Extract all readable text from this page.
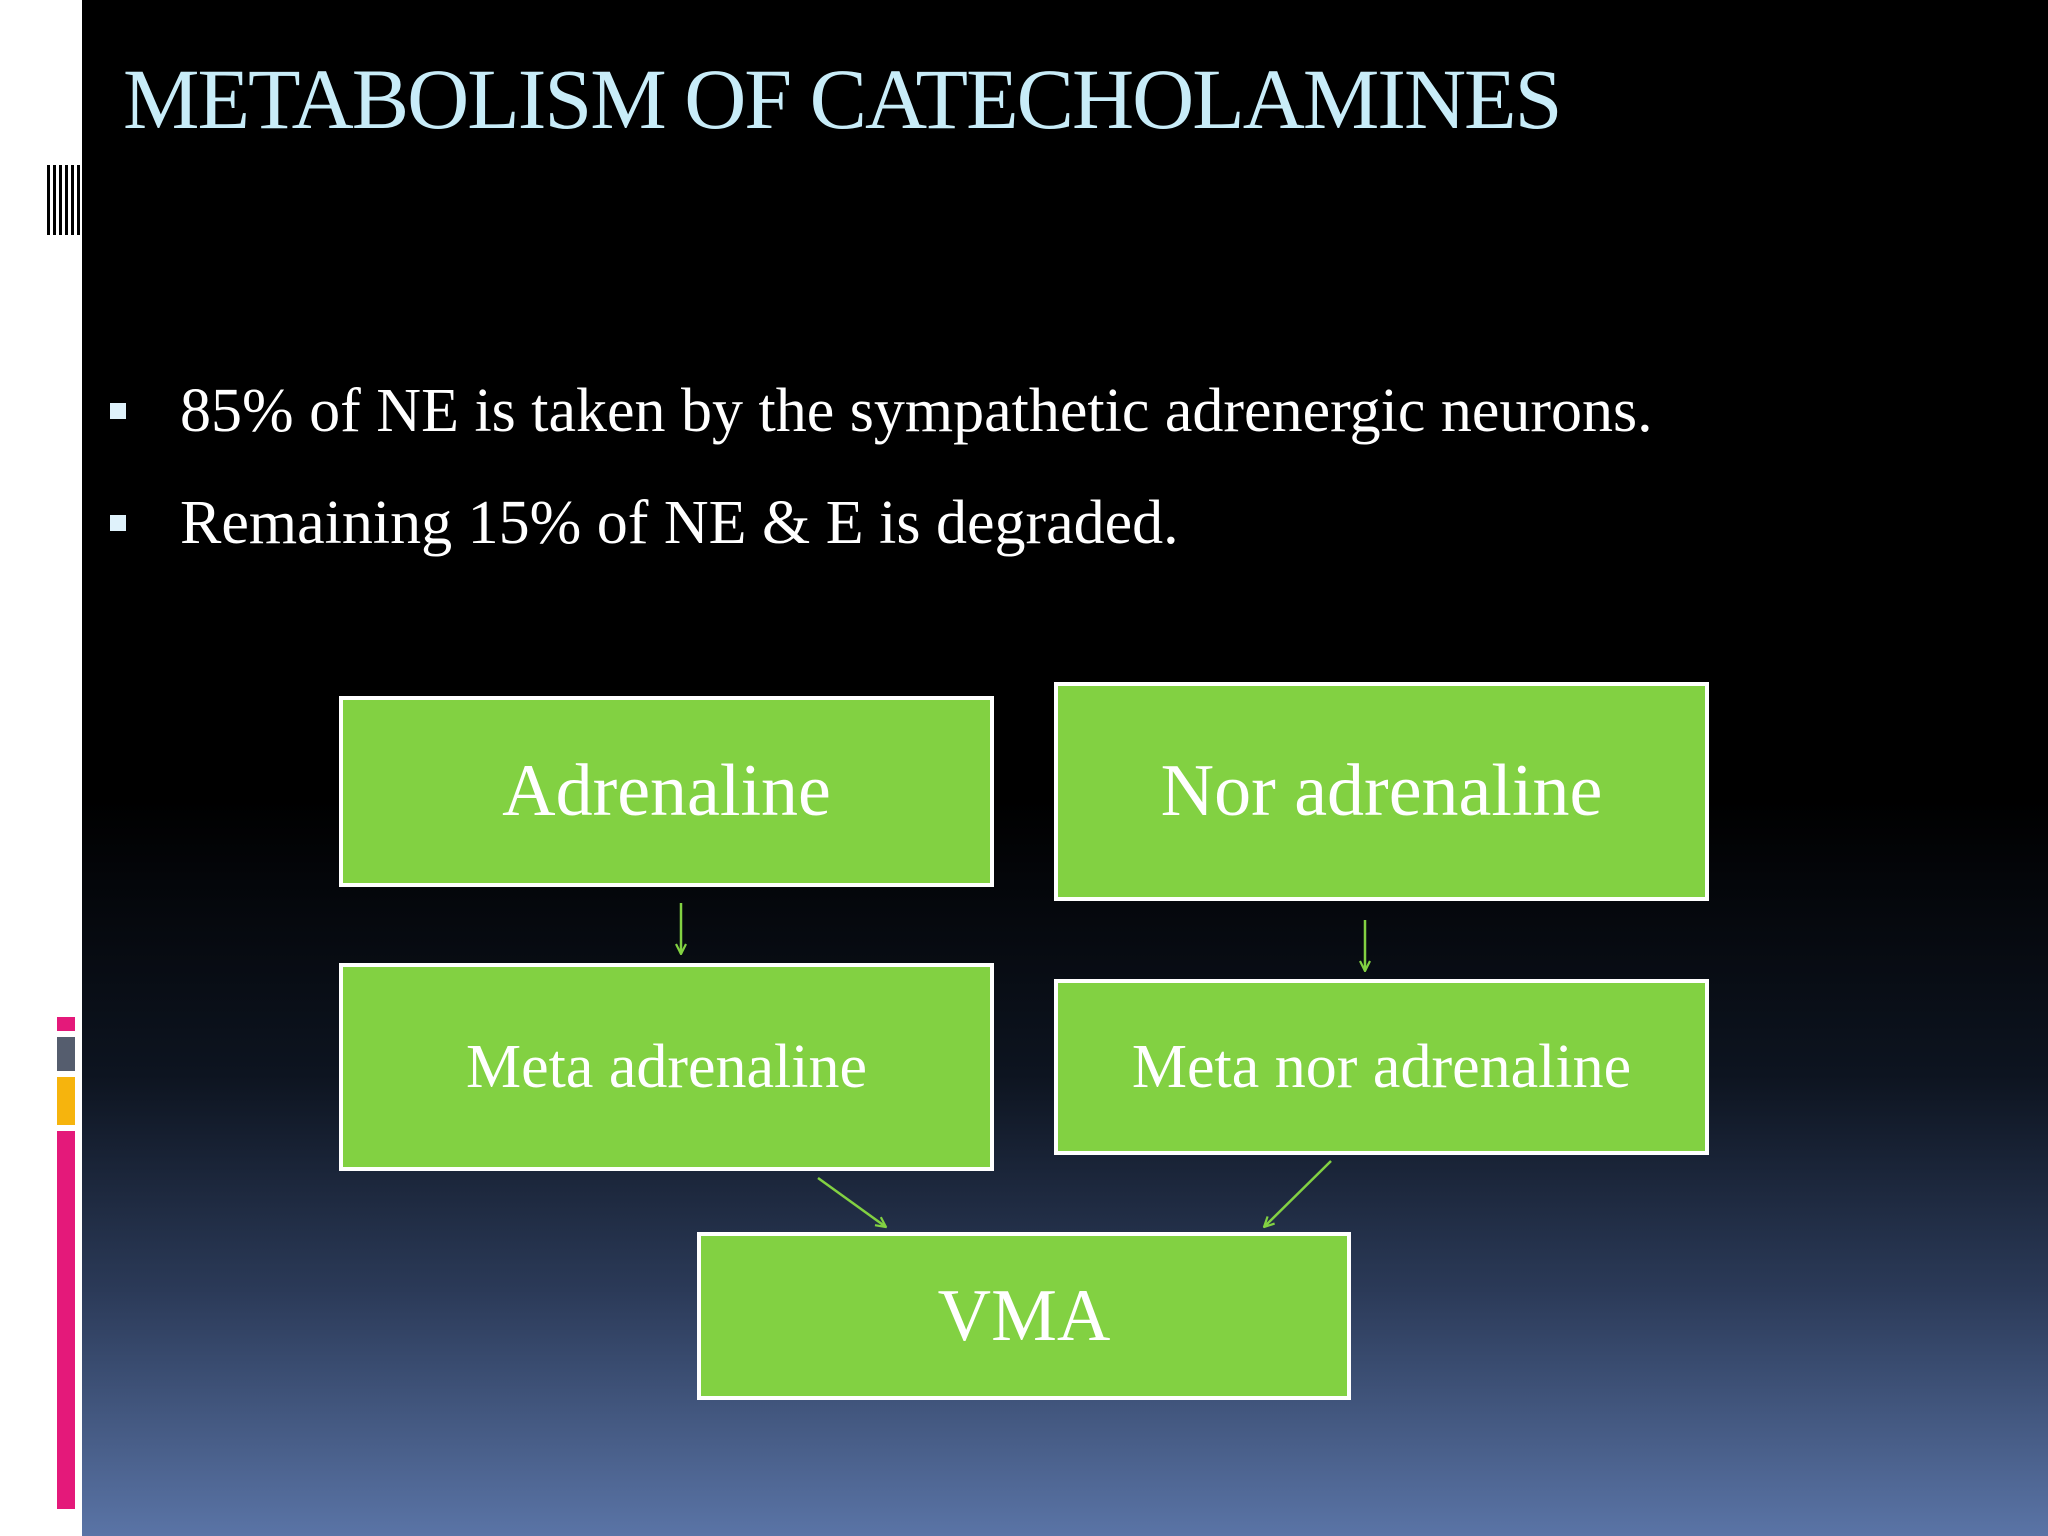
METABOLISM OF CATECHOLAMINES
85% of NE is taken by the sympathetic adrenergic neurons.
Remaining 15% of NE & E is degraded.
Adrenaline	Nor adrenaline
Meta adrenaline	Meta nor adrenaline
VMA
